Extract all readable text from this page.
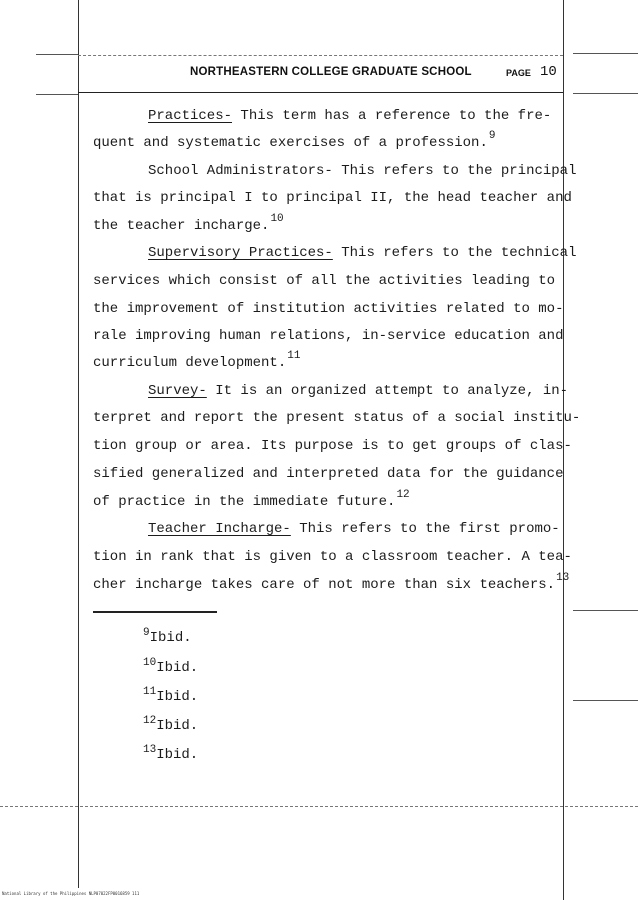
NORTHEASTERN COLLEGE GRADUATE SCHOOL	PAGE 10
Practices- This term has a reference to the fre-
quent and systematic exercises of a profession.$^9$
School Administrators- This refers to the principal
that is principal I to principal II, the head teacher and
the teacher incharge.$^{10}$
Supervisory Practices- This refers to the technical
services which consist of all the activities leading to
the improvement of institution activities related to mo-
rale improving human relations, in-service education and
curriculum development.$^{11}$
Survey- It is an organized attempt to analyze, in-
terpret and report the present status of a social institu-
tion group or area. Its purpose is to get groups of clas-
sified generalized and interpreted data for the guidance
of practice in the immediate future.$^{12}$
Teacher Incharge- This refers to the first promo-
tion in rank that is given to a classroom teacher. A tea-
cher incharge takes care of not more than six teachers.$^{13}$
$^9$Ibid.
$^{10}$Ibid.
$^{11}$Ibid.
$^{12}$Ibid.
$^{13}$Ibid.
National Library of the Philippines NLP07022FP0016859 111
